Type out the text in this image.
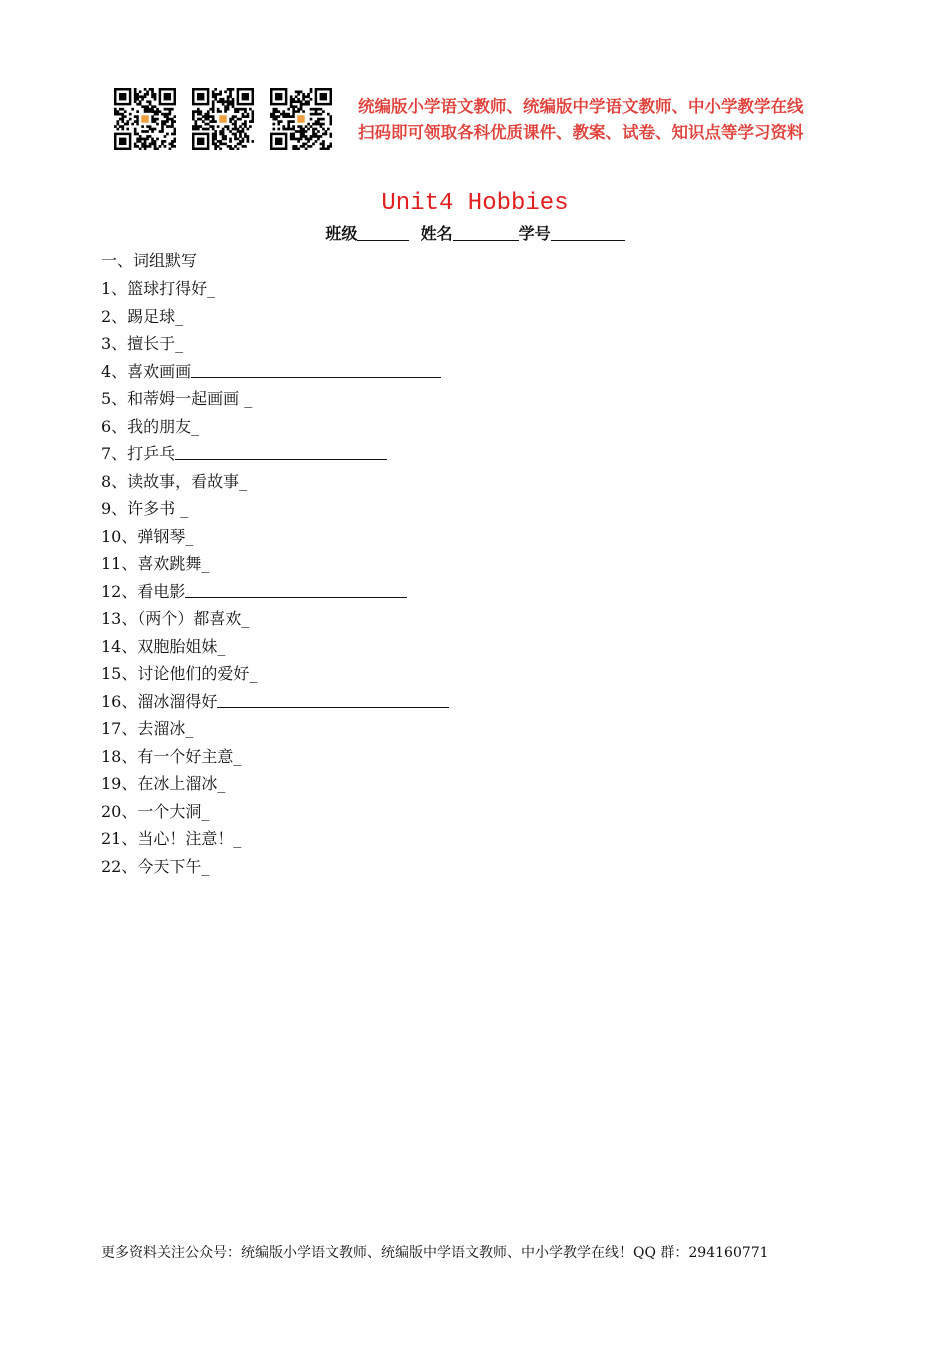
统编版小学语文教师、统编版中学语文教师、中小学教学在线
扫码即可领取各科优质课件、教案、试卷、知识点等学习资料
Unit4 Hobbies
班级	姓名	学号
一、词组默写
1、篮球打得好_
2、踢足球_
3、擅长于_
4、喜欢画画
5、和蒂姆一起画画 _
6、我的朋友_
7、打乒乓
8、读故事，看故事_
9、许多书 _
10、弹钢琴_
11、喜欢跳舞_
12、看电影
13、（两个）都喜欢_
14、双胞胎姐妹_
15、讨论他们的爱好_
16、溜冰溜得好
17、去溜冰_
18、有一个好主意_
19、在冰上溜冰_
20、一个大洞_
21、当心！注意！_
22、今天下午_
更多资料关注公众号：统编版小学语文教师、统编版中学语文教师、中小学教学在线！QQ 群：294160771
